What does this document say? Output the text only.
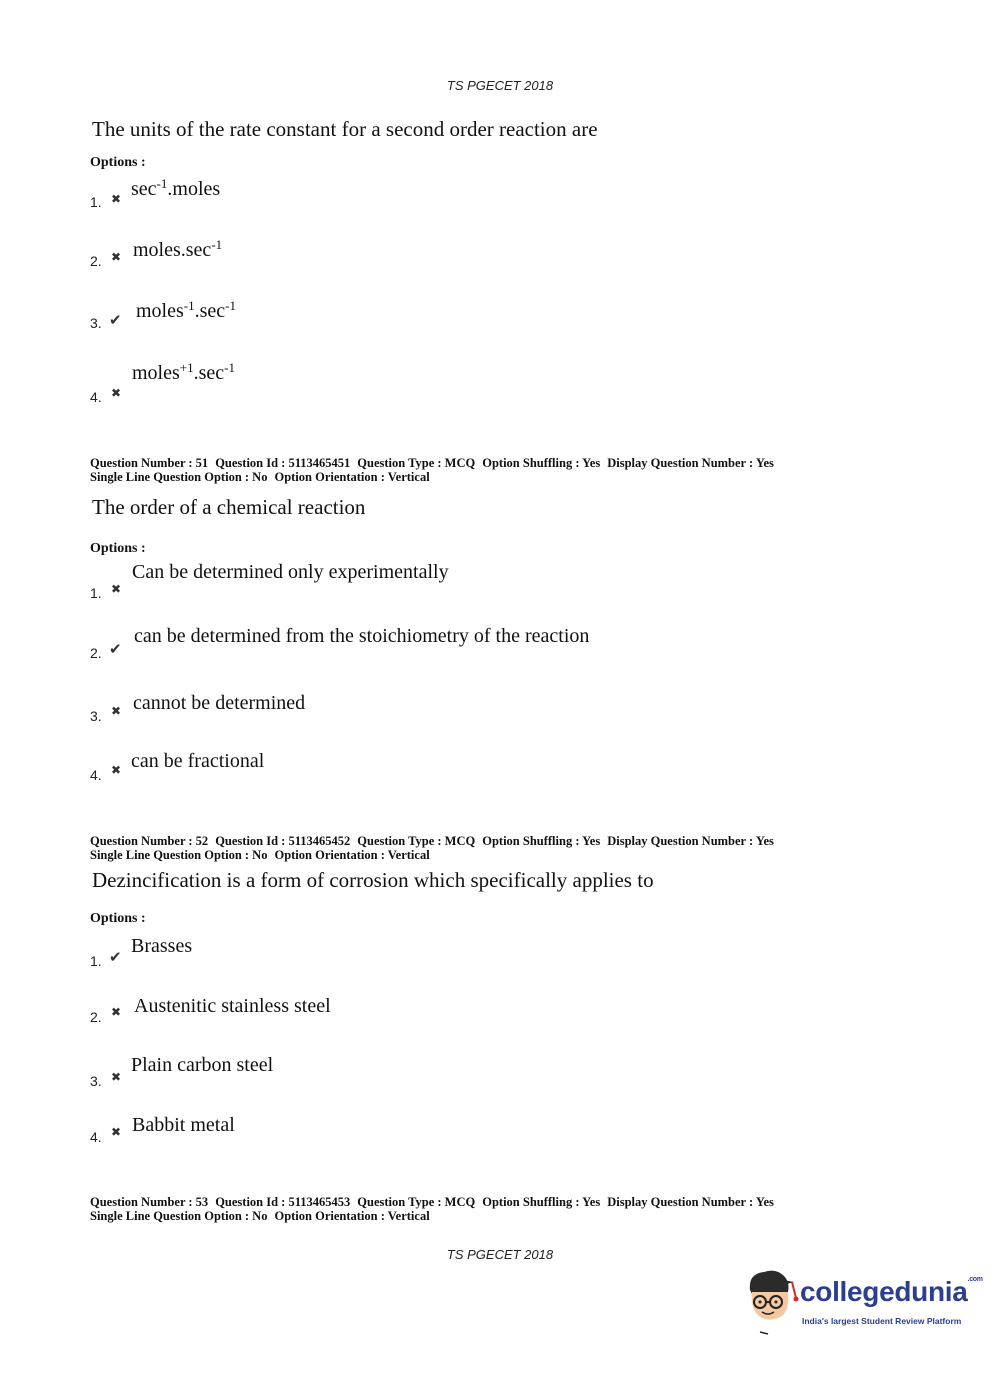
TS PGECET 2018
The units of the rate constant for a second order reaction are
Options :
1. ✖ $\sec^{-1}.moles$
2. ✖ $moles.\sec^{-1}$
3. ✔ $moles^{-1}.\sec^{-1}$
4. ✖
$moles^{+1}.\sec^{-1}$
Question Number : 51 Question Id : 5113465451 Question Type : MCQ Option Shuffling : Yes Display Question Number : Yes
Single Line Question Option : No Option Orientation : Vertical
The order of a chemical reaction
Options :
1. ✖
Can be determined only experimentally
2. ✔
can be determined from the stoichiometry of the reaction
3. ✖ cannot be determined
4. ✖ can be fractional
Question Number : 52 Question Id : 5113465452 Question Type : MCQ Option Shuffling : Yes Display Question Number : Yes
Single Line Question Option : No Option Orientation : Vertical
Dezincification is a form of corrosion which specifically applies to
Options :
1. ✔ Brasses
2. ✖ Austenitic stainless steel
3. ✖
Plain carbon steel
4. ✖ Babbit metal
Question Number : 53 Question Id : 5113465453 Question Type : MCQ Option Shuffling : Yes Display Question Number : Yes
Single Line Question Option : No Option Orientation : Vertical
TS PGECET 2018
collegedunia$^{.com}$
India's largest Student Review Platform
